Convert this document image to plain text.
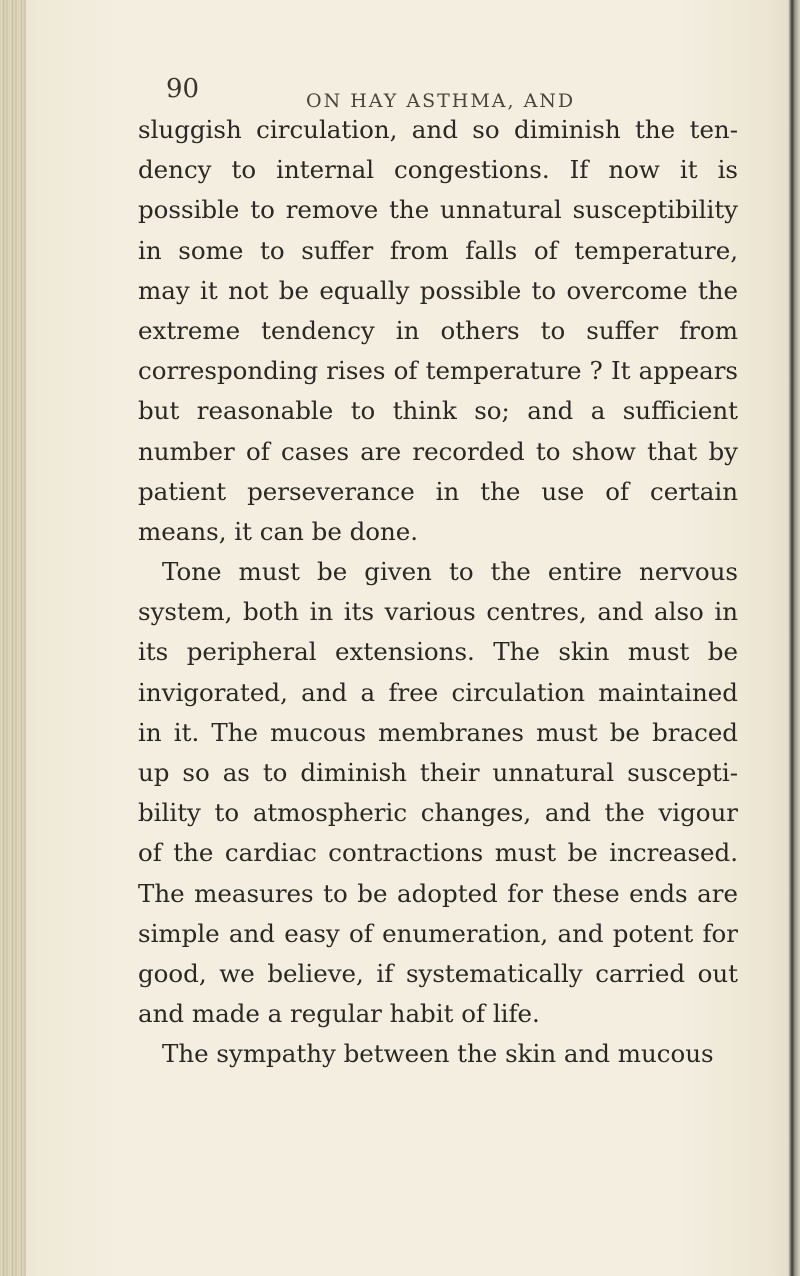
90	ON HAY ASTHMA, AND
sluggish circulation, and so diminish the ten-
dency to internal congestions. If now it is
possible to remove the unnatural susceptibility
in some to suffer from falls of temperature,
may it not be equally possible to overcome the
extreme tendency in others to suffer from
corresponding rises of temperature ? It appears
but reasonable to think so; and a sufficient
number of cases are recorded to show that by
patient perseverance in the use of certain
means, it can be done.
Tone must be given to the entire nervous
system, both in its various centres, and also in
its peripheral extensions. The skin must be
invigorated, and a free circulation maintained
in it. The mucous membranes must be braced
up so as to diminish their unnatural suscepti-
bility to atmospheric changes, and the vigour
of the cardiac contractions must be increased.
The measures to be adopted for these ends are
simple and easy of enumeration, and potent for
good, we believe, if systematically carried out
and made a regular habit of life.
The sympathy between the skin and mucous
